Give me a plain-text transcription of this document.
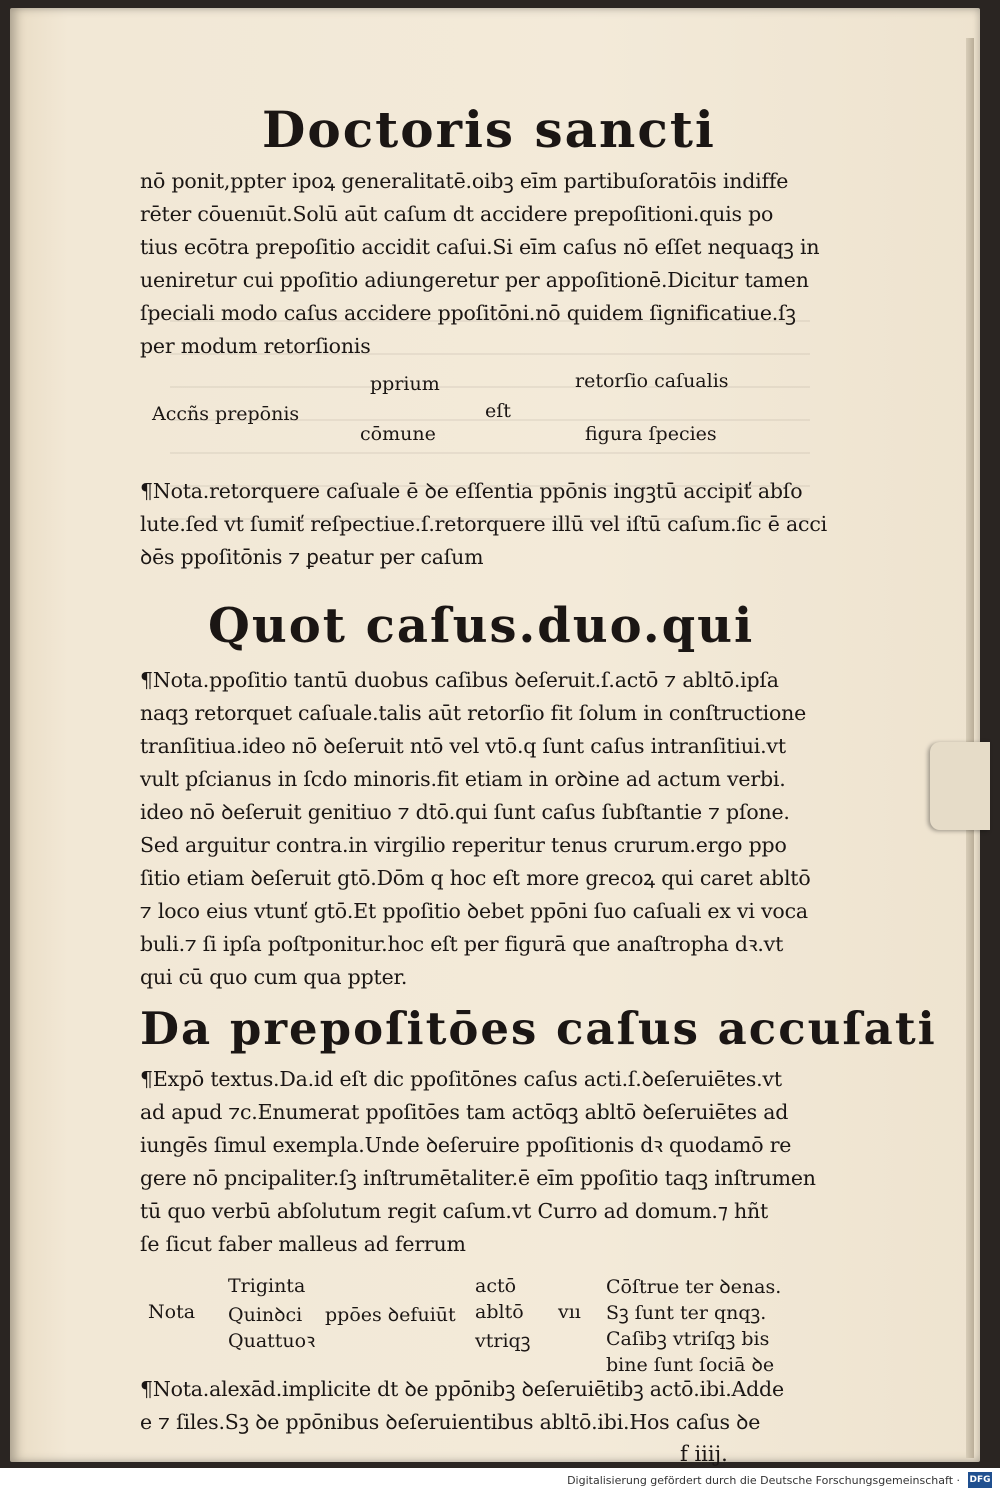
Doctoris sancti
nō ponit,ppter ipoꝝ generalitatē.oibꝫ eīm partibuſoratōis indiffe
rēter cōuenıūt.Solū aūt caſum dt accidere prepoſitioni.quis po
tius ecōtra prepoſitio accidit caſui.Si eīm caſus nō eſſet nequaqꝫ in
ueniretur cui ppoſitio adiungeretur per appoſitionē.Dicitur tamen
ſpeciali modo caſus accidere ppoſitōni.nō quidem ſignificatiue.ſꝫ
per modum retorſionis
Accñs prepōnis
pprium
cōmune
eſt
retorſio caſualis
figura ſpecies
¶Nota.retorquere caſuale ē ꝺe eſſentia ppōnis ingꝫtū accipiť abſo
lute.ſed vt ſumiť reſpectiue.ſ.retorquere illū vel iſtū caſum.ſic ē acci
ꝺēs ppoſitōnis ⁊ ꝑeatur per caſum
Quot caſus.duo.qui
¶Nota.ppoſitio tantū duobus caſibus ꝺeſeruit.ſ.actō ⁊ abltō.ipſa
naqꝫ retorquet caſuale.talis aūt retorſio fit ſolum in conſtructione
tranſitiua.ideo nō ꝺeſeruit ntō vel vtō.q ſunt caſus intranſitiui.vt
vult pſcianus in ſcdo minoris.fit etiam in orꝺine ad actum verbi.
ideo nō ꝺeſeruit genitiuo ⁊ dtō.qui ſunt caſus ſubſtantie ⁊ pſone.
Sed arguitur contra.in virgilio reperitur tenus crurum.ergo ppo
ſitio etiam ꝺeſeruit gtō.Dōm q hoc eſt more grecoꝝ qui caret abltō
⁊ loco eius vtunť gtō.Et ppoſitio ꝺebet ppōni ſuo caſuali ex vi voca
buli.⁊ ſi ipſa poſtponitur.hoc eſt per figurā que anaſtropha dꝛ.vt
qui cū quo cum qua ppter.
Da prepoſitōes caſus accuſati
¶Expō textus.Da.id eſt dic ppoſitōnes caſus acti.ſ.ꝺeſeruiētes.vt
ad apud ⁊c.Enumerat ppoſitōes tam actōqꝫ abltō ꝺeſeruiētes ad
iungēs ſimul exempla.Unde ꝺeſeruire ppoſitionis dꝛ quodamō re
gere nō pncipaliter.ſꝫ inſtrumētaliter.ē eīm ppoſitio taqꝫ inſtrumen
tū quo verbū abſolutum regit caſum.vt Curro ad domum.⁊ hñt
ſe ſicut faber malleus ad ferrum
Nota
Triginta
Quinꝺci
Quattuoꝛ
ppōes ꝺefuiūt
actō
abltō
vtriqꝫ
vıı
Cōſtrue ter ꝺenas.
Sꝫ ſunt ter qnqꝫ.
Caſibꝫ vtriſqꝫ bis
bine ſunt ſociā ꝺe
¶Nota.alexād.implicite dt ꝺe ppōnibꝫ ꝺeſeruiētibꝫ actō.ibi.Adde
e ⁊ ſiles.Sꝫ ꝺe ppōnibus ꝺeſeruientibus abltō.ibi.Hos caſus ꝺe
f iiij.
Digitalisierung gefördert durch die Deutsche Forschungsgemeinschaft · DFG
